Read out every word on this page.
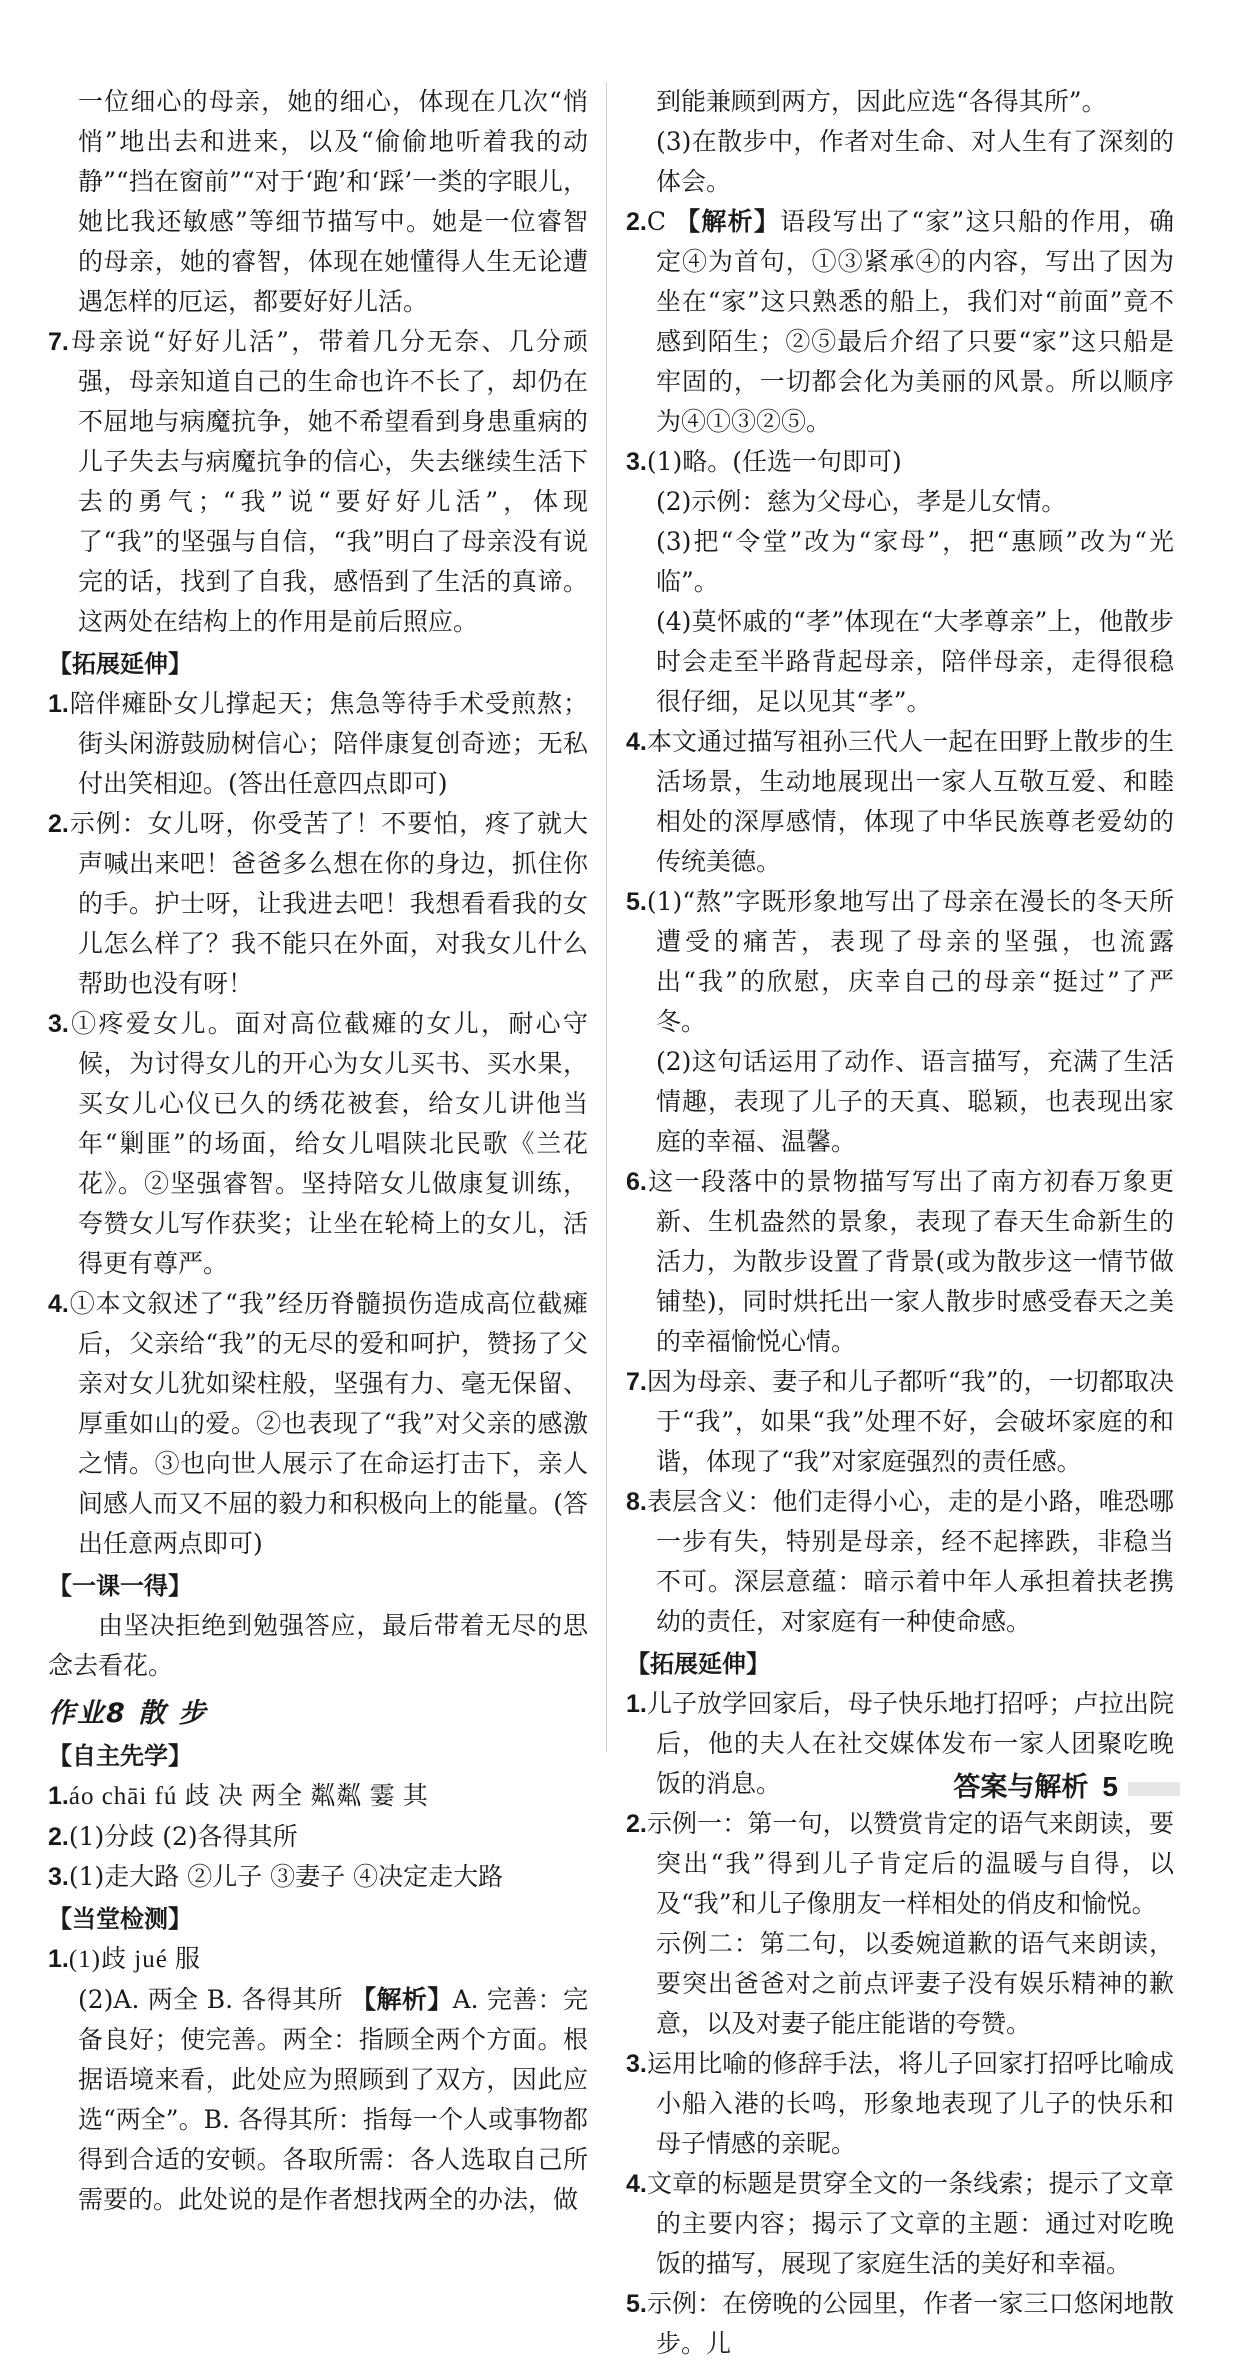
一位细心的母亲，她的细心，体现在几次“悄悄”地出去和进来，以及“偷偷地听着我的动静”“挡在窗前”“对于‘跑’和‘踩’一类的字眼儿，她比我还敏感”等细节描写中。她是一位睿智的母亲，她的睿智，体现在她懂得人生无论遭遇怎样的厄运，都要好好儿活。

7.母亲说“好好儿活”，带着几分无奈、几分顽强，母亲知道自己的生命也许不长了，却仍在不屈地与病魔抗争，她不希望看到身患重病的儿子失去与病魔抗争的信心，失去继续生活下去的勇气；“我”说“要好好儿活”，体现了“我”的坚强与自信，“我”明白了母亲没有说完的话，找到了自我，感悟到了生活的真谛。这两处在结构上的作用是前后照应。

【拓展延伸】

1.陪伴瘫卧女儿撑起天；焦急等待手术受煎熬；街头闲游鼓励树信心；陪伴康复创奇迹；无私付出笑相迎。(答出任意四点即可)

2.示例：女儿呀，你受苦了！不要怕，疼了就大声喊出来吧！爸爸多么想在你的身边，抓住你的手。护士呀，让我进去吧！我想看看我的女儿怎么样了？我不能只在外面，对我女儿什么帮助也没有呀！

3.①疼爱女儿。面对高位截瘫的女儿，耐心守候，为讨得女儿的开心为女儿买书、买水果，买女儿心仪已久的绣花被套，给女儿讲他当年“剿匪”的场面，给女儿唱陕北民歌《兰花花》。②坚强睿智。坚持陪女儿做康复训练，夸赞女儿写作获奖；让坐在轮椅上的女儿，活得更有尊严。

4.①本文叙述了“我”经历脊髓损伤造成高位截瘫后，父亲给“我”的无尽的爱和呵护，赞扬了父亲对女儿犹如梁柱般，坚强有力、毫无保留、厚重如山的爱。②也表现了“我”对父亲的感激之情。③也向世人展示了在命运打击下，亲人间感人而又不屈的毅力和积极向上的能量。(答出任意两点即可)

【一课一得】

由坚决拒绝到勉强答应，最后带着无尽的思念去看花。

作业8 散 步

【自主先学】

1.áo chāi fú 歧 决 两全 粼粼 霎 其

2.(1)分歧 (2)各得其所

3.(1)走大路 ②儿子 ③妻子 ④决定走大路

【当堂检测】

1.(1)歧 jué 服

(2)A. 两全 B. 各得其所 【解析】A. 完善：完备良好；使完善。两全：指顾全两个方面。根据语境来看，此处应为照顾到了双方，因此应选“两全”。B. 各得其所：指每一个人或事物都得到合适的安顿。各取所需：各人选取自己所需要的。此处说的是作者想找两全的办法，做

到能兼顾到两方，因此应选“各得其所”。

(3)在散步中，作者对生命、对人生有了深刻的体会。

2.C 【解析】语段写出了“家”这只船的作用，确定④为首句，①③紧承④的内容，写出了因为坐在“家”这只熟悉的船上，我们对“前面”竟不感到陌生；②⑤最后介绍了只要“家”这只船是牢固的，一切都会化为美丽的风景。所以顺序为④①③②⑤。

3.(1)略。(任选一句即可)

(2)示例：慈为父母心，孝是儿女情。

(3)把“令堂”改为“家母”，把“惠顾”改为“光临”。

(4)莫怀戚的“孝”体现在“大孝尊亲”上，他散步时会走至半路背起母亲，陪伴母亲，走得很稳很仔细，足以见其“孝”。

4.本文通过描写祖孙三代人一起在田野上散步的生活场景，生动地展现出一家人互敬互爱、和睦相处的深厚感情，体现了中华民族尊老爱幼的传统美德。

5.(1)“熬”字既形象地写出了母亲在漫长的冬天所遭受的痛苦，表现了母亲的坚强，也流露出“我”的欣慰，庆幸自己的母亲“挺过”了严冬。

(2)这句话运用了动作、语言描写，充满了生活情趣，表现了儿子的天真、聪颖，也表现出家庭的幸福、温馨。

6.这一段落中的景物描写写出了南方初春万象更新、生机盎然的景象，表现了春天生命新生的活力，为散步设置了背景(或为散步这一情节做铺垫)，同时烘托出一家人散步时感受春天之美的幸福愉悦心情。

7.因为母亲、妻子和儿子都听“我”的，一切都取决于“我”，如果“我”处理不好，会破坏家庭的和谐，体现了“我”对家庭强烈的责任感。

8.表层含义：他们走得小心，走的是小路，唯恐哪一步有失，特别是母亲，经不起摔跌，非稳当不可。深层意蕴：暗示着中年人承担着扶老携幼的责任，对家庭有一种使命感。

【拓展延伸】

1.儿子放学回家后，母子快乐地打招呼；卢拉出院后，他的夫人在社交媒体发布一家人团聚吃晚饭的消息。

2.示例一：第一句，以赞赏肯定的语气来朗读，要突出“我”得到儿子肯定后的温暖与自得，以及“我”和儿子像朋友一样相处的俏皮和愉悦。

示例二：第二句，以委婉道歉的语气来朗读，要突出爸爸对之前点评妻子没有娱乐精神的歉意，以及对妻子能庄能谐的夸赞。

3.运用比喻的修辞手法，将儿子回家打招呼比喻成小船入港的长鸣，形象地表现了儿子的快乐和母子情感的亲昵。

4.文章的标题是贯穿全文的一条线索；提示了文章的主要内容；揭示了文章的主题：通过对吃晚饭的描写，展现了家庭生活的美好和幸福。

5.示例：在傍晚的公园里，作者一家三口悠闲地散步。儿

答案与解析 5
